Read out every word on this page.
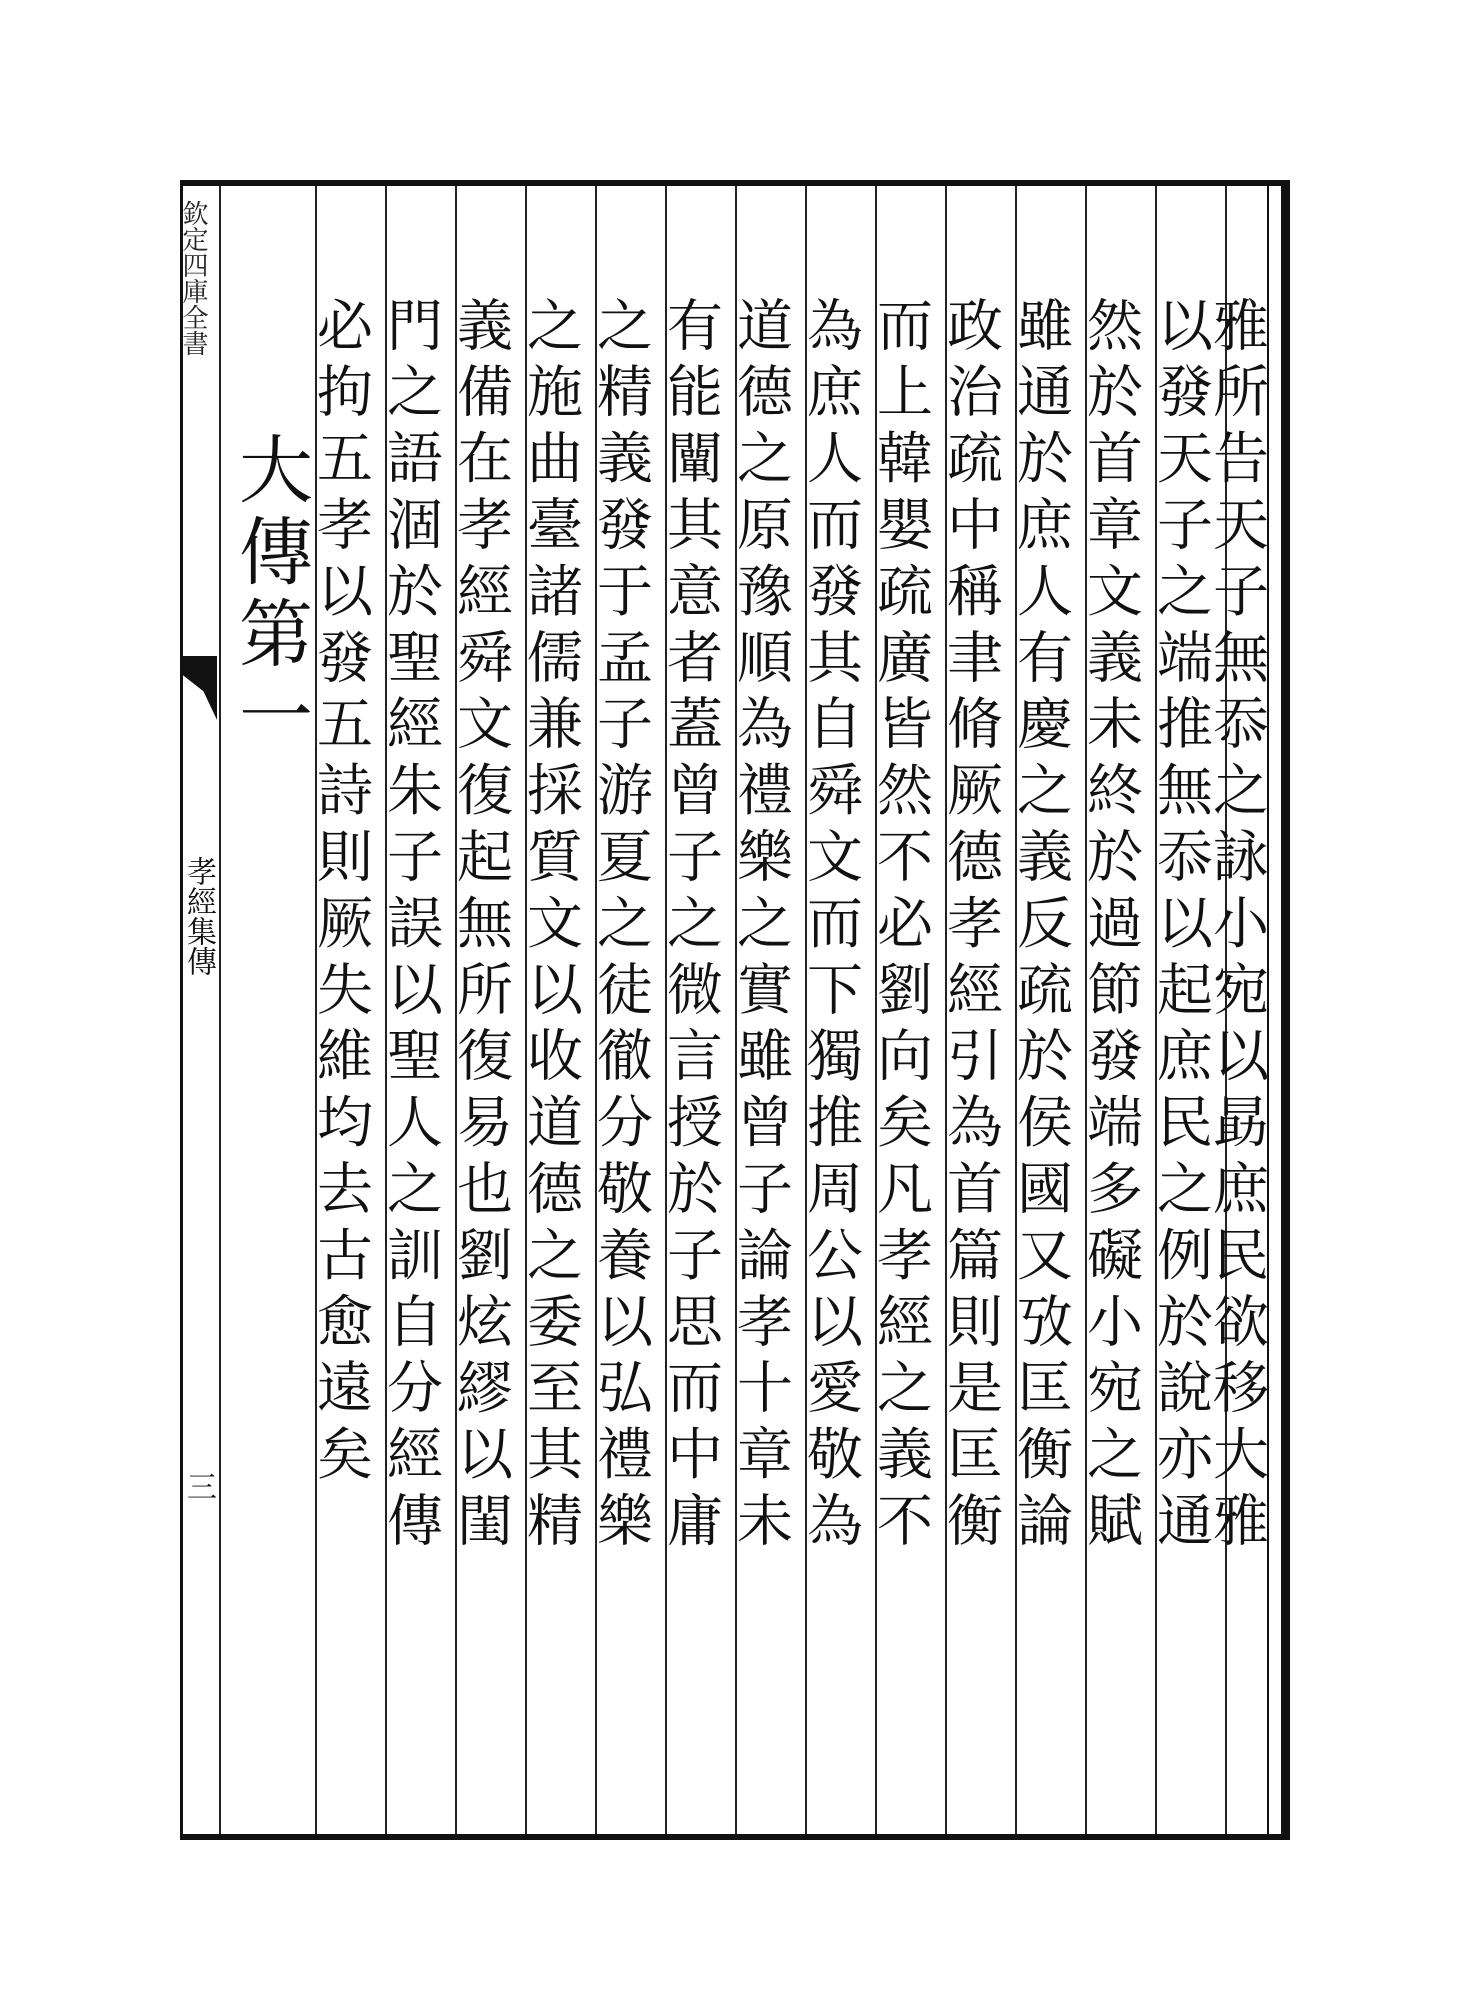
欽定四庫全書
孝經集傳
三
大傳第一
必拘五孝以發五詩則厥失維均去古愈遠矣 門之語涸於聖經朱子誤以聖人之訓自分經傳 義備在孝經舜文復起無所復易也劉炫繆以閨 之施曲臺諸儒兼採質文以收道德之委至其精 之精義發于孟子游夏之徒徹分敬養以弘禮樂 有能闡其意者蓋曾子之微言授於子思而中庸 道德之原豫順為禮樂之實雖曾子論孝十章未 為庶人而發其自舜文而下獨推周公以愛敬為 而上韓嬰疏廣皆然不必劉向矣凡孝經之義不 政治疏中稱聿脩厥德孝經引為首篇則是匡衡 雖通於庶人有慶之義反疏於侯國又攷匡衡論 然於首章文義未終於過節發端多礙小宛之賦 以發天子之端推無忝以起庶民之例於說亦通
雅所告天子無忝之詠小宛以勗庶民欲移大雅
